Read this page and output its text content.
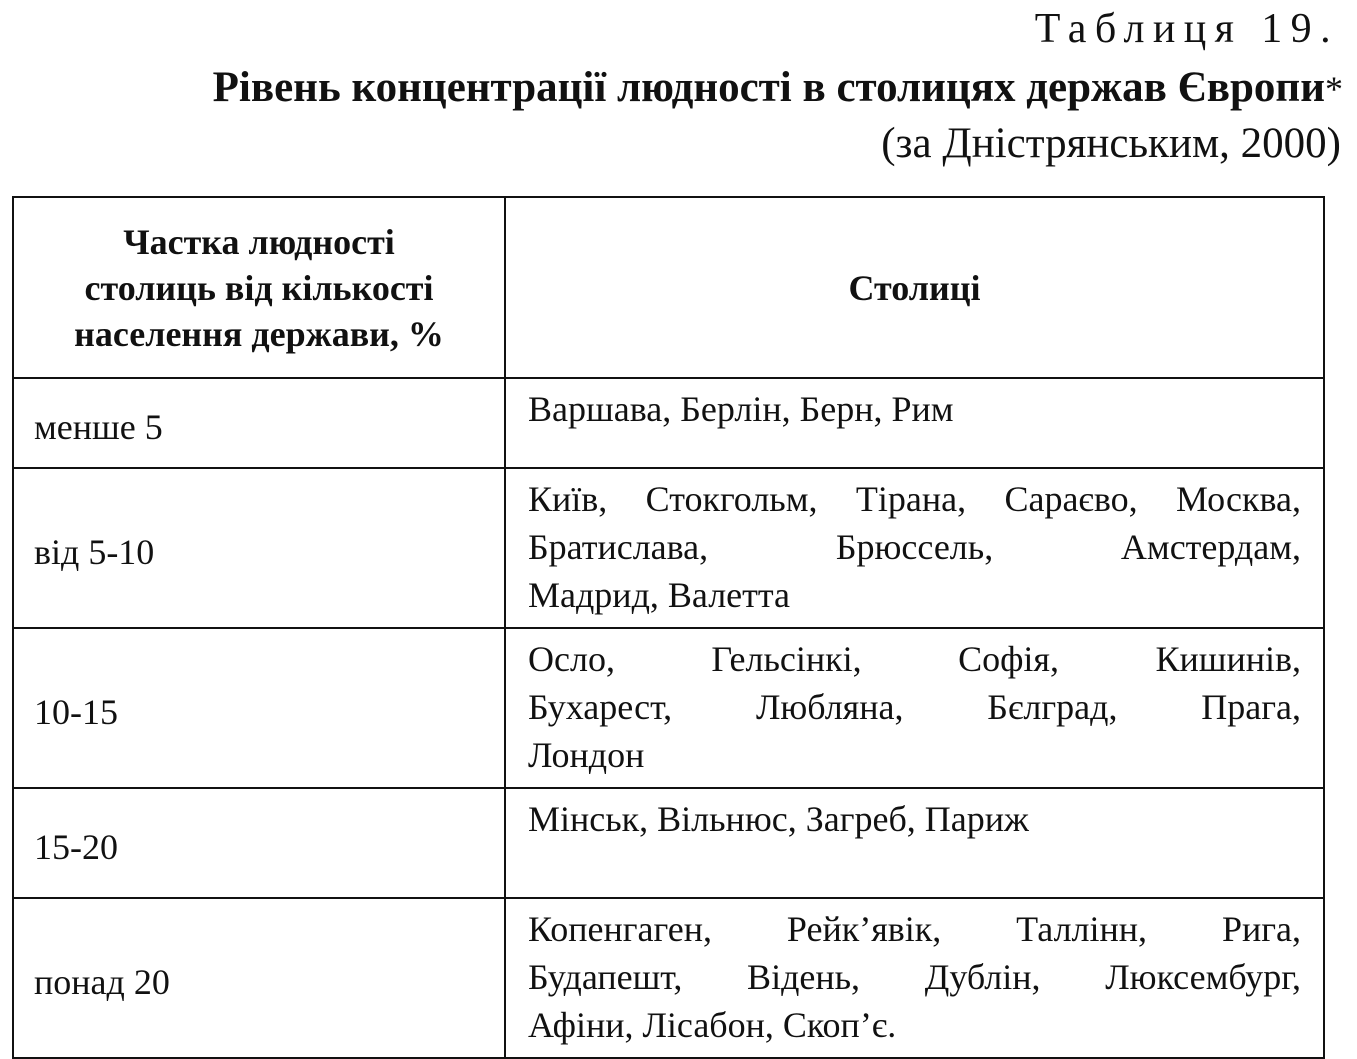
Таблиця 19.
Рівень концентрації людності в столицях держав Європи*
(за Дністрянським, 2000)
Частка людності
столиць від кількості
населення держави, %	Столиці
менше 5	Варшава, Берлін, Берн, Рим

від 5-10	Київ, Стокгольм, Тірана, Сараєво, Москва,
Братислава, Брюссель, Амстердам,
Мадрид, Валетта

10-15	Осло, Гельсінкі, Софія, Кишинів,
Бухарест, Любляна, Бєлград, Прага,
Лондон

15-20	Мінськ, Вільнюс, Загреб, Париж

понад 20	Копенгаген, Рейк’явік, Таллінн, Рига,
Будапешт, Відень, Дублін, Люксембург,
Афіни, Лісабон, Скоп’є.
